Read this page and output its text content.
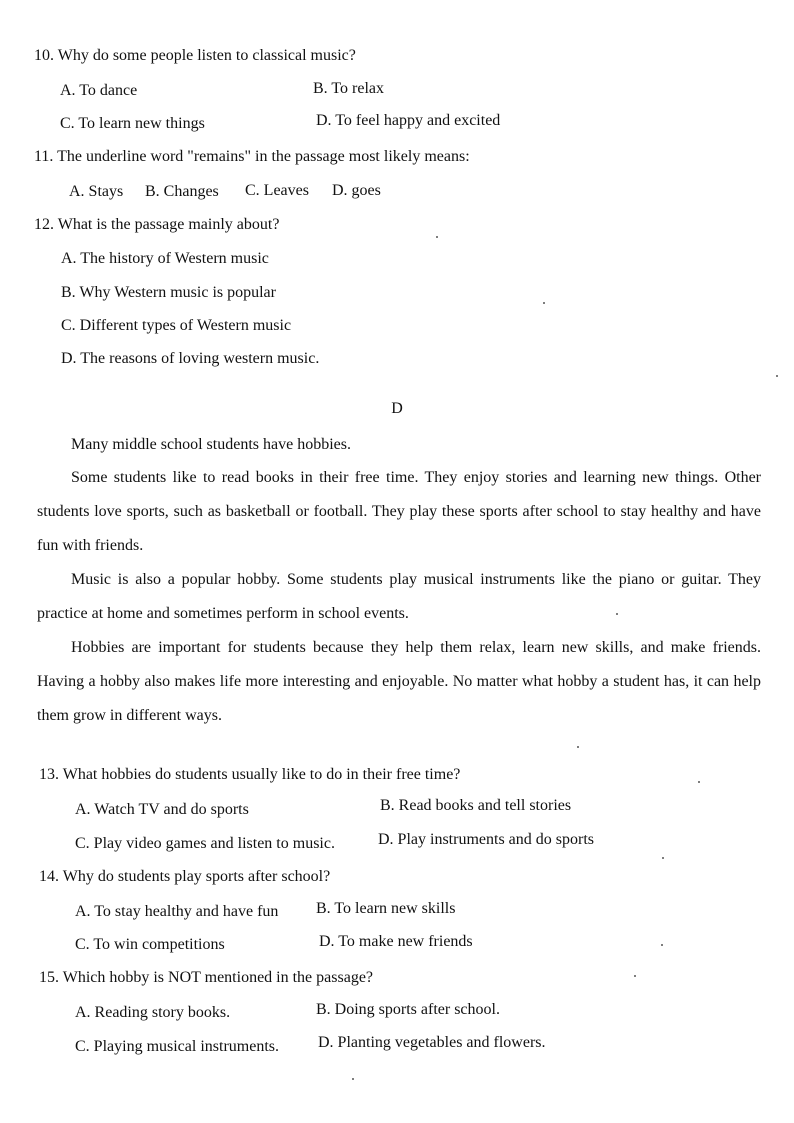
10. Why do some people listen to classical music?
A. To dance	B. To relax
C. To learn new things	D. To feel happy and excited
11. The underline word "remains" in the passage most likely means:
A. Stays B. Changes C. Leaves D. goes
12. What is the passage mainly about?
A. The history of Western music
B. Why Western music is popular
C. Different types of Western music
D. The reasons of loving western music.
D
Many middle school students have hobbies.
Some students like to read books in their free time. They enjoy stories and learning new things. Other students love sports, such as basketball or football. They play these sports after school to stay healthy and have fun with friends.
Music is also a popular hobby. Some students play musical instruments like the piano or guitar. They practice at home and sometimes perform in school events.
Hobbies are important for students because they help them relax, learn new skills, and make friends. Having a hobby also makes life more interesting and enjoyable. No matter what hobby a student has, it can help them grow in different ways.
13. What hobbies do students usually like to do in their free time?
A. Watch TV and do sports	B. Read books and tell stories
C. Play video games and listen to music.	D. Play instruments and do sports
14. Why do students play sports after school?
A. To stay healthy and have fun B. To learn new skills
C. To win competitions	D. To make new friends
15. Which hobby is NOT mentioned in the passage?
A. Reading story books.	B. Doing sports after school.
C. Playing musical instruments. D. Planting vegetables and flowers.
